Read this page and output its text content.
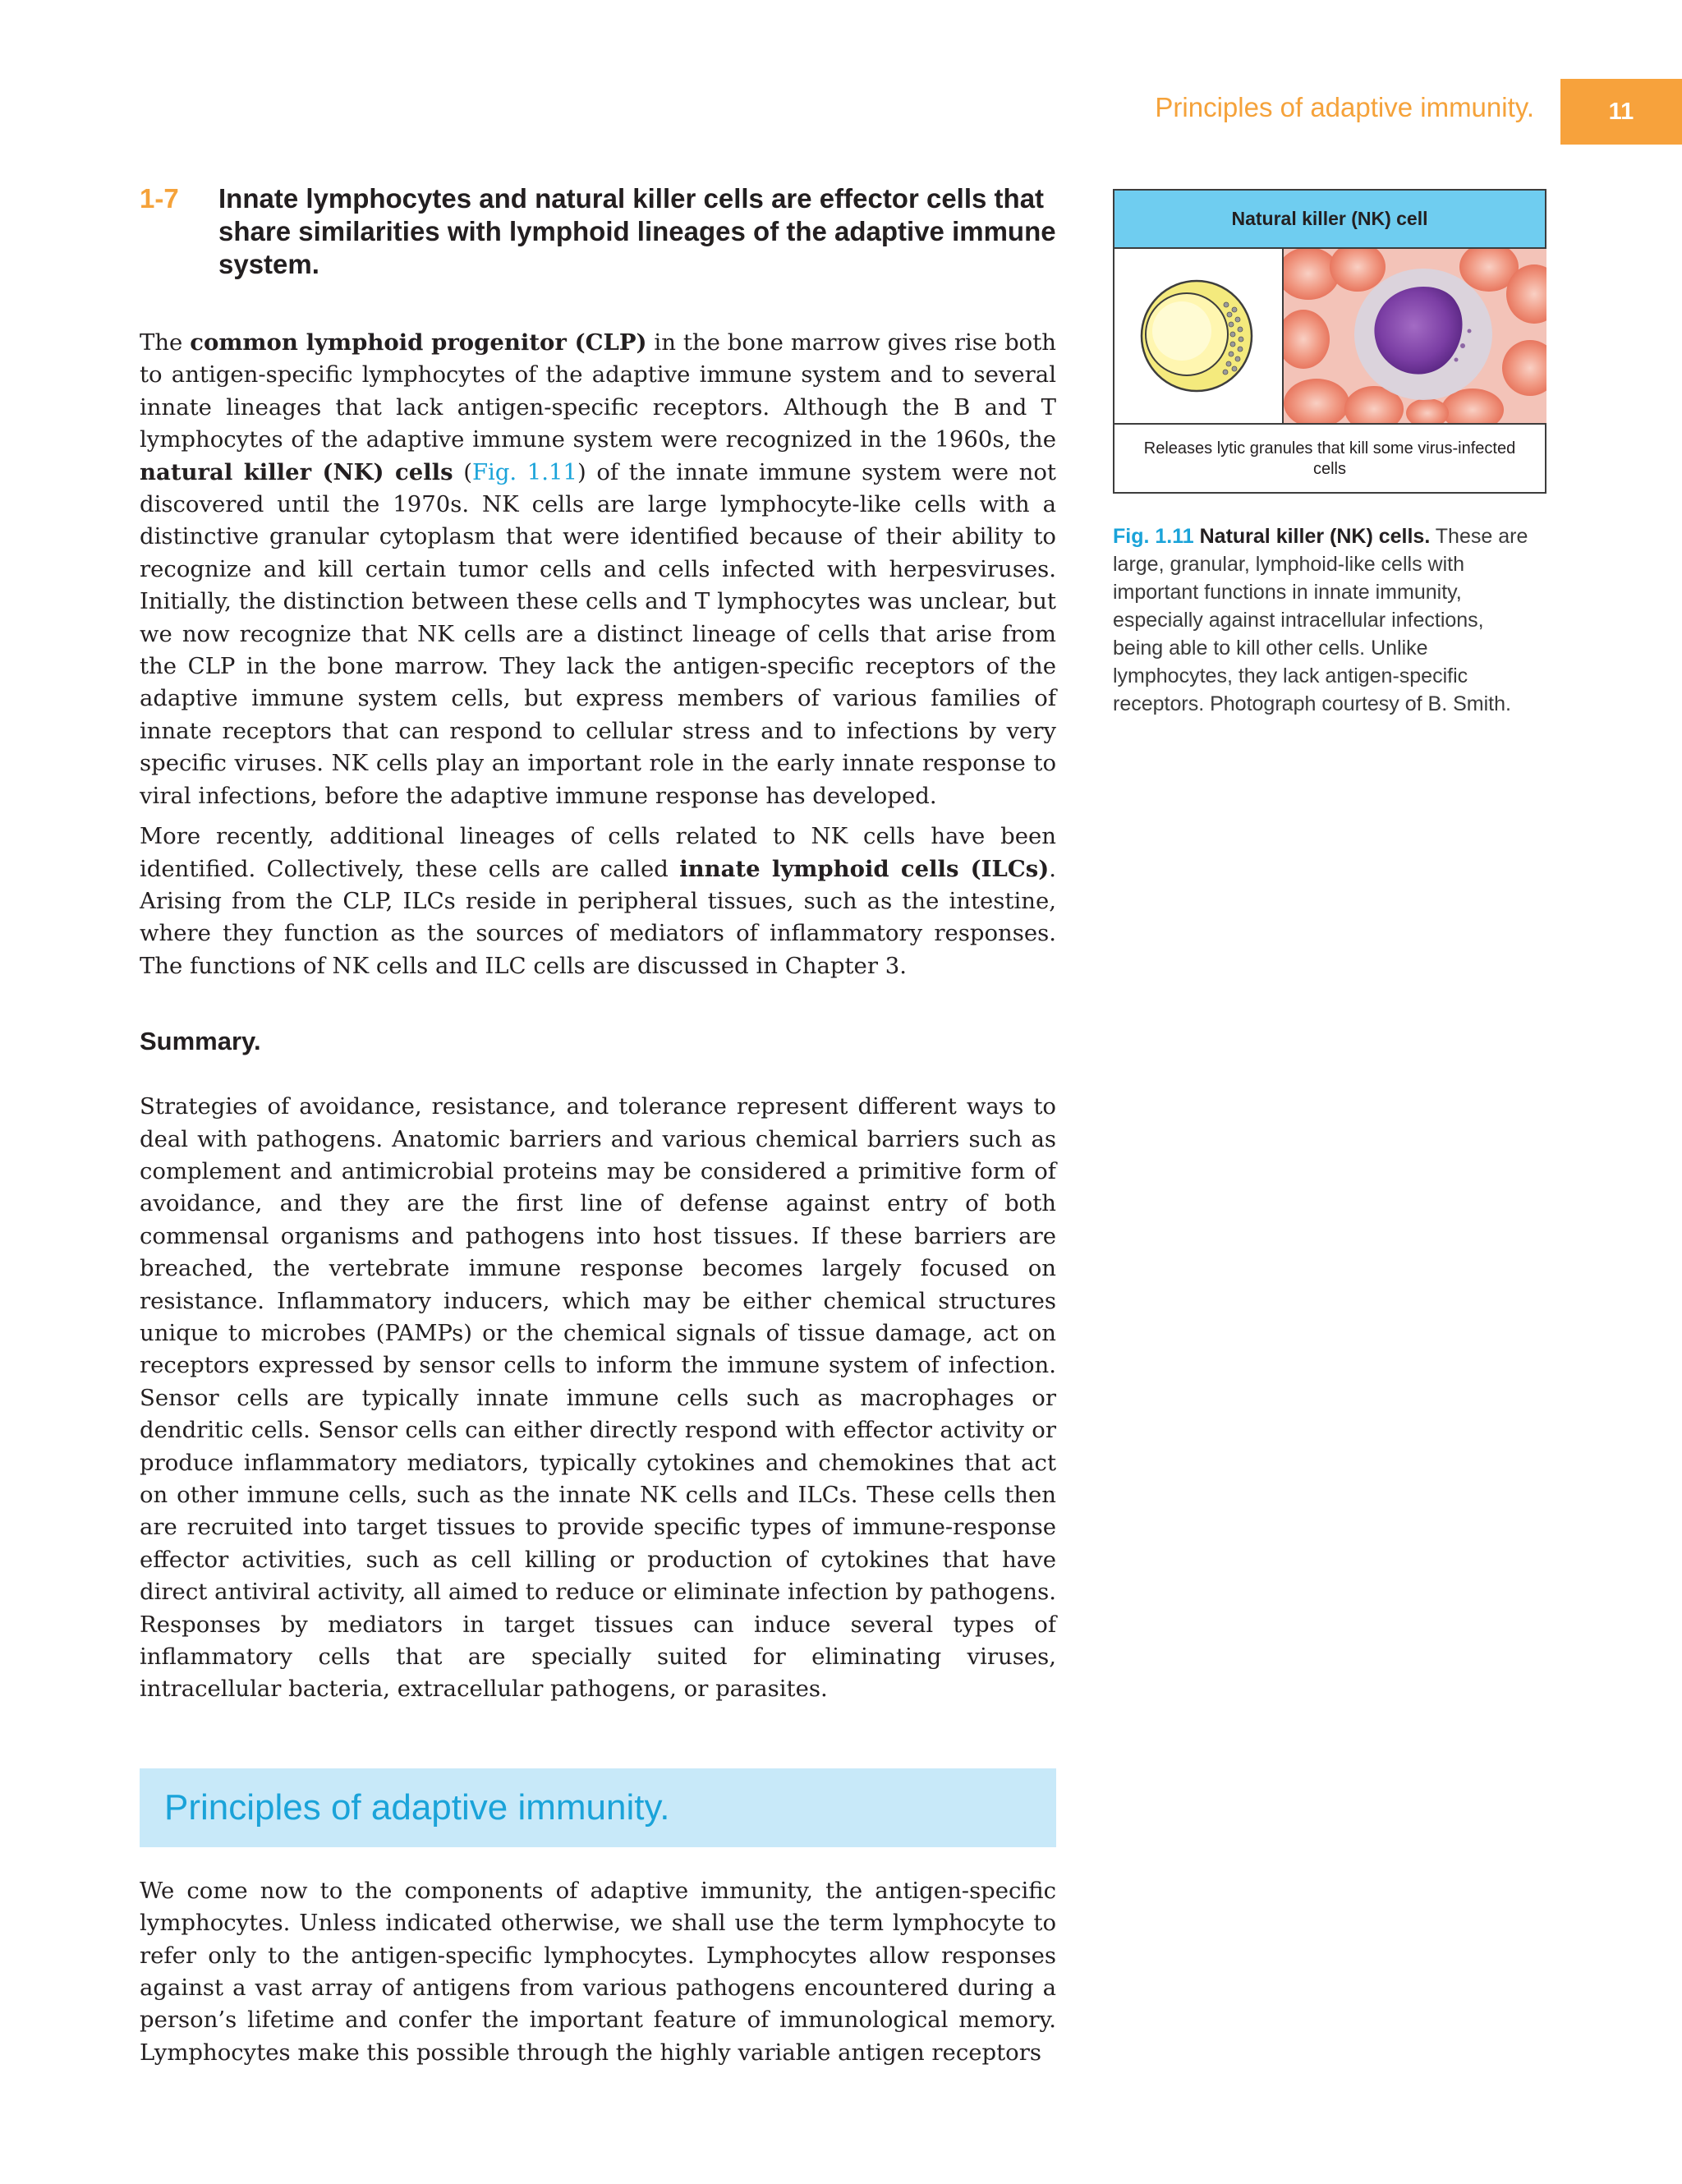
Principles of adaptive immunity.	11
1-7	Innate lymphocytes and natural killer cells are effector cells that share similarities with lymphoid lineages of the adaptive immune system.

The common lymphoid progenitor (CLP) in the bone marrow gives rise both to antigen-specific lymphocytes of the adaptive immune system and to several innate lineages that lack antigen-specific receptors. Although the B and T lymphocytes of the adaptive immune system were recognized in the 1960s, the natural killer (NK) cells (Fig. 1.11) of the innate immune system were not discovered until the 1970s. NK cells are large lymphocyte-like cells with a distinctive granular cytoplasm that were identified because of their ability to recognize and kill certain tumor cells and cells infected with herpesviruses. Initially, the distinction between these cells and T lymphocytes was unclear, but we now recognize that NK cells are a distinct lineage of cells that arise from the CLP in the bone marrow. They lack the antigen-specific receptors of the adaptive immune system cells, but express members of various families of innate receptors that can respond to cellular stress and to infections by very specific viruses. NK cells play an important role in the early innate response to viral infections, before the adaptive immune response has developed.

More recently, additional lineages of cells related to NK cells have been identified. Collectively, these cells are called innate lymphoid cells (ILCs). Arising from the CLP, ILCs reside in peripheral tissues, such as the intestine, where they function as the sources of mediators of inflammatory responses. The functions of NK cells and ILC cells are discussed in Chapter 3.

Summary.

Strategies of avoidance, resistance, and tolerance represent different ways to deal with pathogens. Anatomic barriers and various chemical barriers such as complement and antimicrobial proteins may be considered a primitive form of avoidance, and they are the first line of defense against entry of both commensal organisms and pathogens into host tissues. If these barriers are breached, the vertebrate immune response becomes largely focused on resistance. Inflammatory inducers, which may be either chemical structures unique to microbes (PAMPs) or the chemical signals of tissue damage, act on receptors expressed by sensor cells to inform the immune system of infection. Sensor cells are typically innate immune cells such as macrophages or dendritic cells. Sensor cells can either directly respond with effector activity or produce inflammatory mediators, typically cytokines and chemokines that act on other immune cells, such as the innate NK cells and ILCs. These cells then are recruited into target tissues to provide specific types of immune-response effector activities, such as cell killing or production of cytokines that have direct antiviral activity, all aimed to reduce or eliminate infection by pathogens. Responses by mediators in target tissues can induce several types of inflammatory cells that are specially suited for eliminating viruses, intracellular bacteria, extracellular pathogens, or parasites.

Principles of adaptive immunity.

We come now to the components of adaptive immunity, the antigen-specific lymphocytes. Unless indicated otherwise, we shall use the term lymphocyte to refer only to the antigen-specific lymphocytes. Lymphocytes allow responses against a vast array of antigens from various pathogens encountered during a person’s lifetime and confer the important feature of immunological memory. Lymphocytes make this possible through the highly variable antigen receptors

Natural killer (NK) cell
Releases lytic granules that kill some virus-infected cells
Fig. 1.11 Natural killer (NK) cells. These are large, granular, lymphoid-like cells with important functions in innate immunity, especially against intracellular infections, being able to kill other cells. Unlike lymphocytes, they lack antigen-specific receptors. Photograph courtesy of B. Smith.
